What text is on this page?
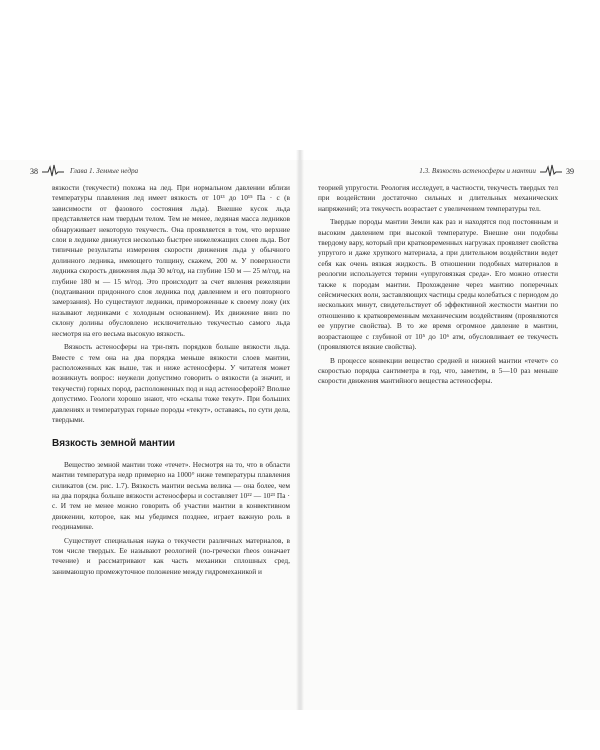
38	Глава 1. Земные недра	1.3. Вязкость астеносферы и мантии	39

вязкости (текучести) похожа на лед. При нормальном давлении вблизи температуры плавления лед имеет вязкость от 10¹³ до 10¹⁵ Па · с (в зависимости от фазового состояния льда). Внешне кусок льда представляется нам твердым телом. Тем не менее, ледяная масса ледников обнаруживает некоторую текучесть. Она проявляется в том, что верхние слои в леднике движутся несколько быстрее нижележащих слоев льда. Вот типичные результаты измерения скорости движения льда у обычного долинного ледника, имеющего толщину, скажем, 200 м. У поверхности ледника скорость движения льда 30 м/год, на глубине 150 м — 25 м/год, на глубине 180 м — 15 м/год. Это происходит за счет явления режеляции (подтаивании придонного слоя ледника под давлением и его повторного замерзания). Но существуют ледники, примороженные к своему ложу (их называют ледниками с холодным основанием). Их движение вниз по склону долины обусловлено исключительно текучестью самого льда несмотря на его весьма высокую вязкость.

Вязкость астеносферы на три-пять порядков больше вязкости льда. Вместе с тем она на два порядка меньше вязкости слоев мантии, расположенных как выше, так и ниже астеносферы. У читателя может возникнуть вопрос: неужели допустимо говорить о вязкости (а значит, и текучести) горных пород, расположенных под и над астеносферой? Вполне допустимо. Геологи хорошо знают, что «скалы тоже текут». При больших давлениях и температурах горные породы «текут», оставаясь, по сути дела, твердыми.

Вязкость земной мантии

Вещество земной мантии тоже «течет». Несмотря на то, что в области мантии температура недр примерно на 1000° ниже температуры плавления силикатов (см. рис. 1.7). Вязкость мантии весьма велика — она более, чем на два порядка больше вязкости астеносферы и составляет 10²² — 10²³ Па · с. И тем не менее можно говорить об участии мантии в конвективном движении, которое, как мы убедимся позднее, играет важную роль в геодинамике.

Существует специальная наука о текучести различных материалов, в том числе твердых. Ее называют реологией (по-гречески rheos означает течение) и рассматривают как часть механики сплошных сред, занимающую промежуточное положение между гидромеханикой и

теорией упругости. Реология исследует, в частности, текучесть твердых тел при воздействии достаточно сильных и длительных механических напряжений; эта текучесть возрастает с увеличением температуры тел.

Твердые породы мантии Земли как раз и находятся под постоянным и высоким давлением при высокой температуре. Внешне они подобны твердому вару, который при кратковременных нагрузках проявляет свойства упругого и даже хрупкого материала, а при длительном воздействии ведет себя как очень вязкая жидкость. В отношении подобных материалов в реологии используется термин «упруговязкая среда». Его можно отнести также к породам мантии. Прохождение через мантию поперечных сейсмических волн, заставляющих частицы среды колебаться с периодом до нескольких минут, свидетельствует об эффективной жесткости мантии по отношению к кратковременным механическим воздействиям (проявляются ее упругие свойства). В то же время огромное давление в мантии, возрастающее с глубиной от 10⁵ до 10⁶ атм, обусловливает ее текучесть (проявляются вязкие свойства).

В процессе конвекции вещество средней и нижней мантии «течет» со скоростью порядка сантиметра в год, что, заметим, в 5—10 раз меньше скорости движения мантийного вещества астеносферы.
